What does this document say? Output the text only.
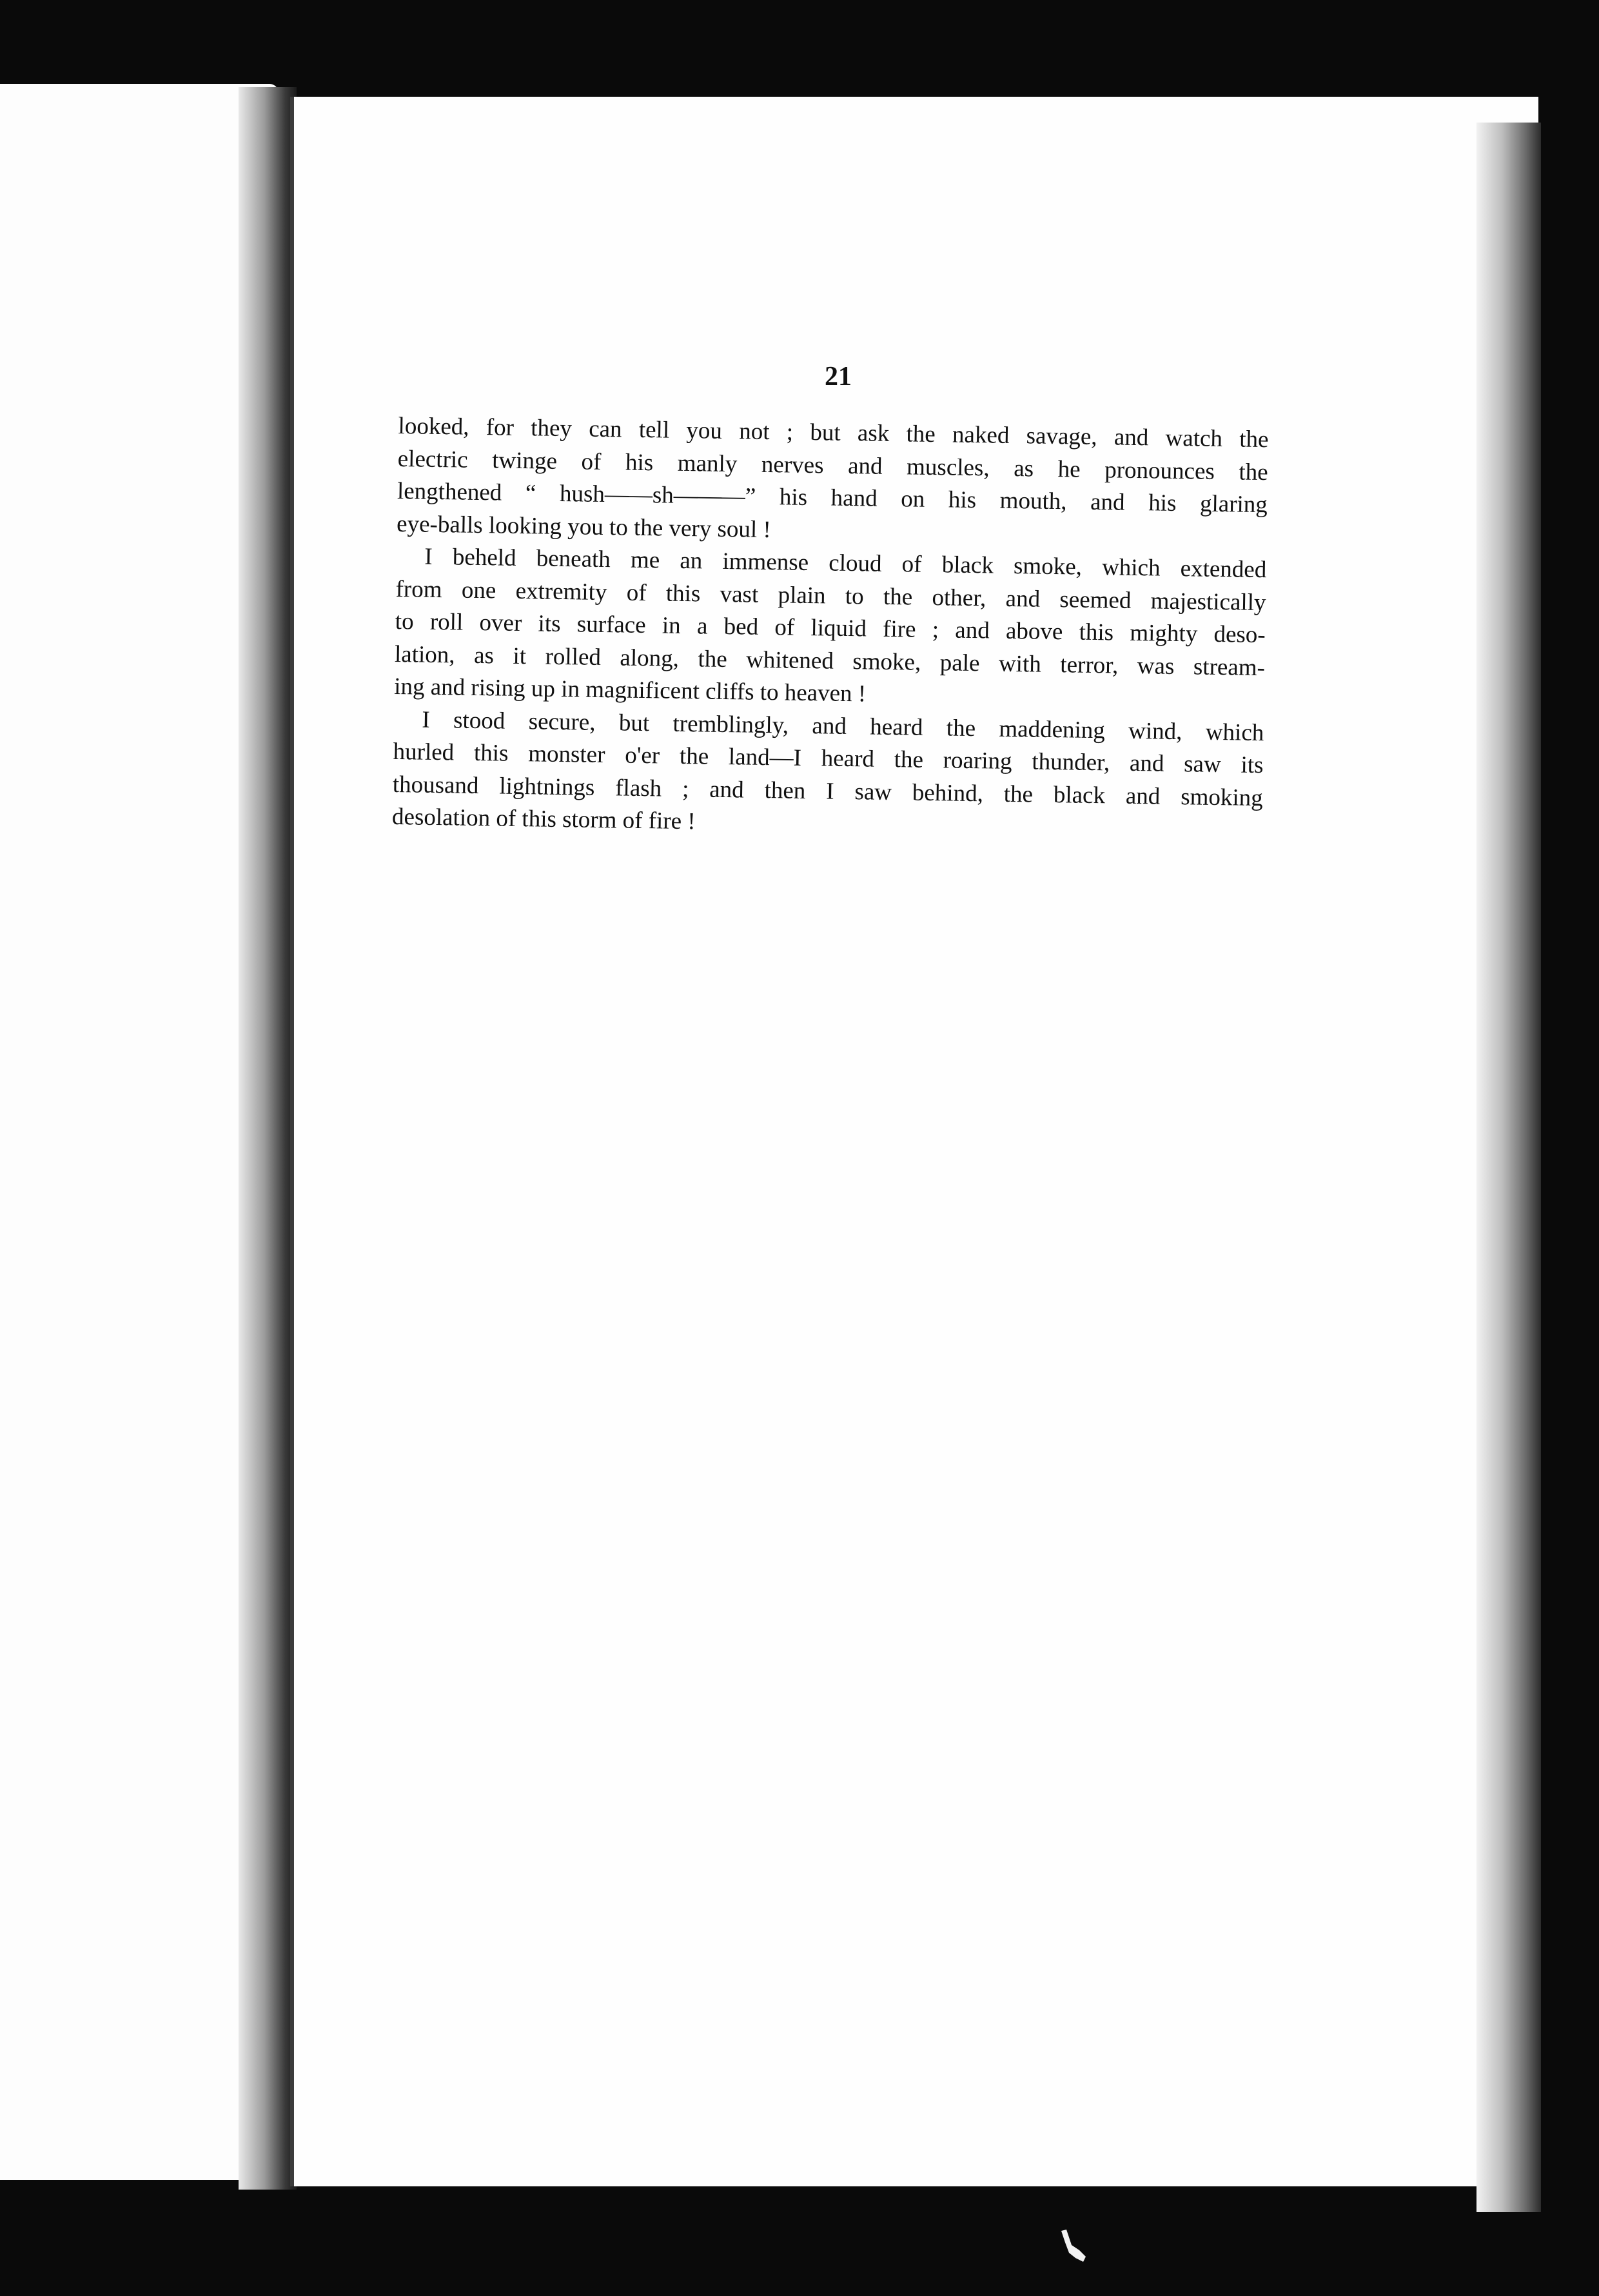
21
looked, for they can tell you not ; but ask the naked savage, and watch the
electric twinge of his manly nerves and muscles, as he pronounces the
lengthened “ hush——sh———” his hand on his mouth, and his glaring
eye-balls looking you to the very soul !
I beheld beneath me an immense cloud of black smoke, which extended
from one extremity of this vast plain to the other, and seemed majestically
to roll over its surface in a bed of liquid fire ; and above this mighty deso-
lation, as it rolled along, the whitened smoke, pale with terror, was stream-
ing and rising up in magnificent cliffs to heaven !
I stood secure, but tremblingly, and heard the maddening wind, which
hurled this monster o'er the land—I heard the roaring thunder, and saw its
thousand lightnings flash ; and then I saw behind, the black and smoking
desolation of this storm of fire !
